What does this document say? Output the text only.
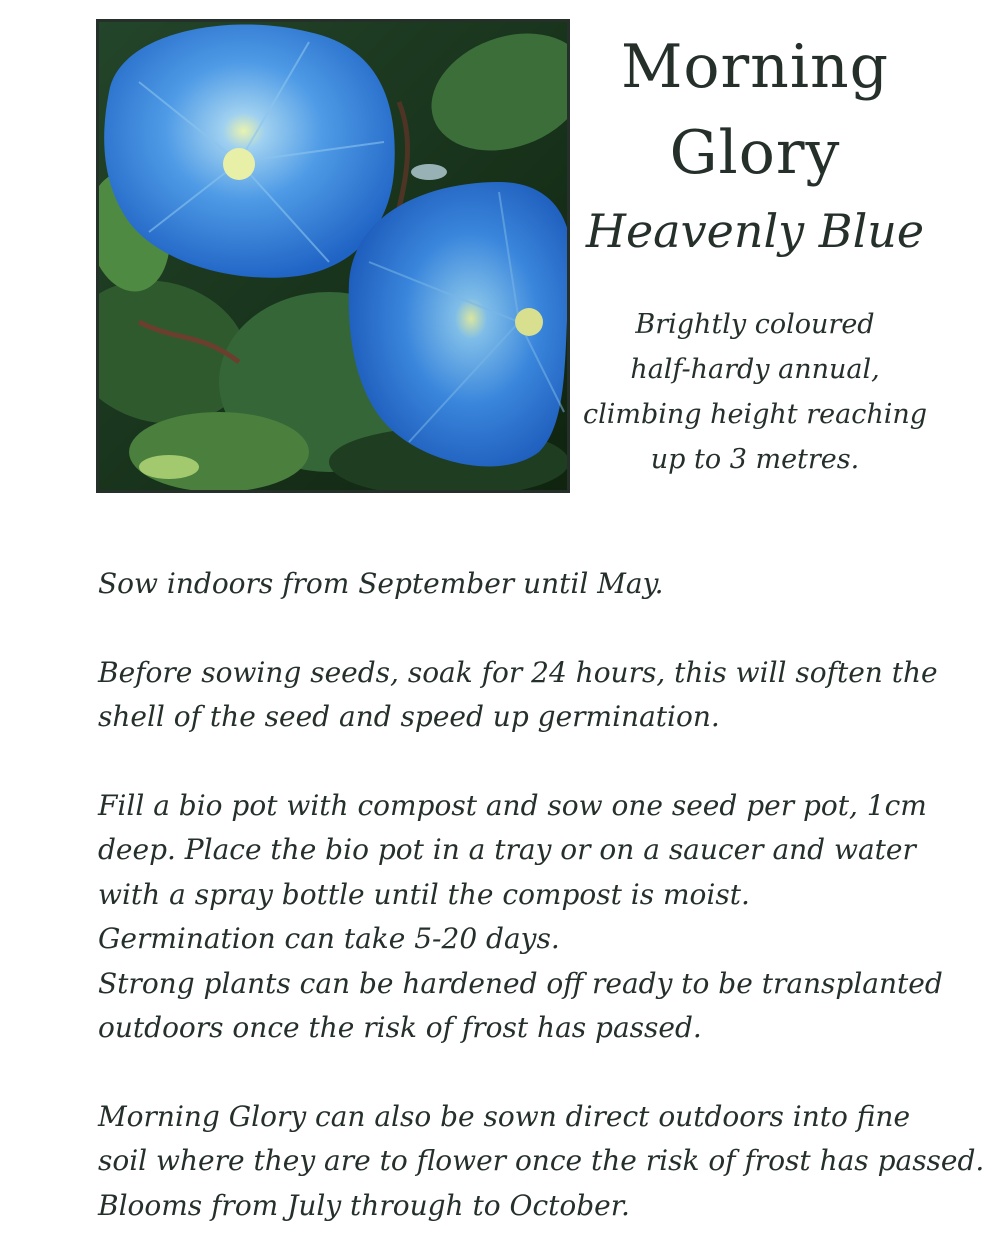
Morning
Glory
Heavenly Blue
Brightly coloured
half-hardy annual,
climbing height reaching
up to 3 metres.

Sow indoors from September until May.

Before sowing seeds, soak for 24 hours, this will soften the
shell of the seed and speed up germination.

Fill a bio pot with compost and sow one seed per pot, 1cm
deep. Place the bio pot in a tray or on a saucer and water
with a spray bottle until the compost is moist.
Germination can take 5-20 days.
Strong plants can be hardened off ready to be transplanted
outdoors once the risk of frost has passed.

Morning Glory can also be sown direct outdoors into fine
soil where they are to flower once the risk of frost has passed.
Blooms from July through to October.
